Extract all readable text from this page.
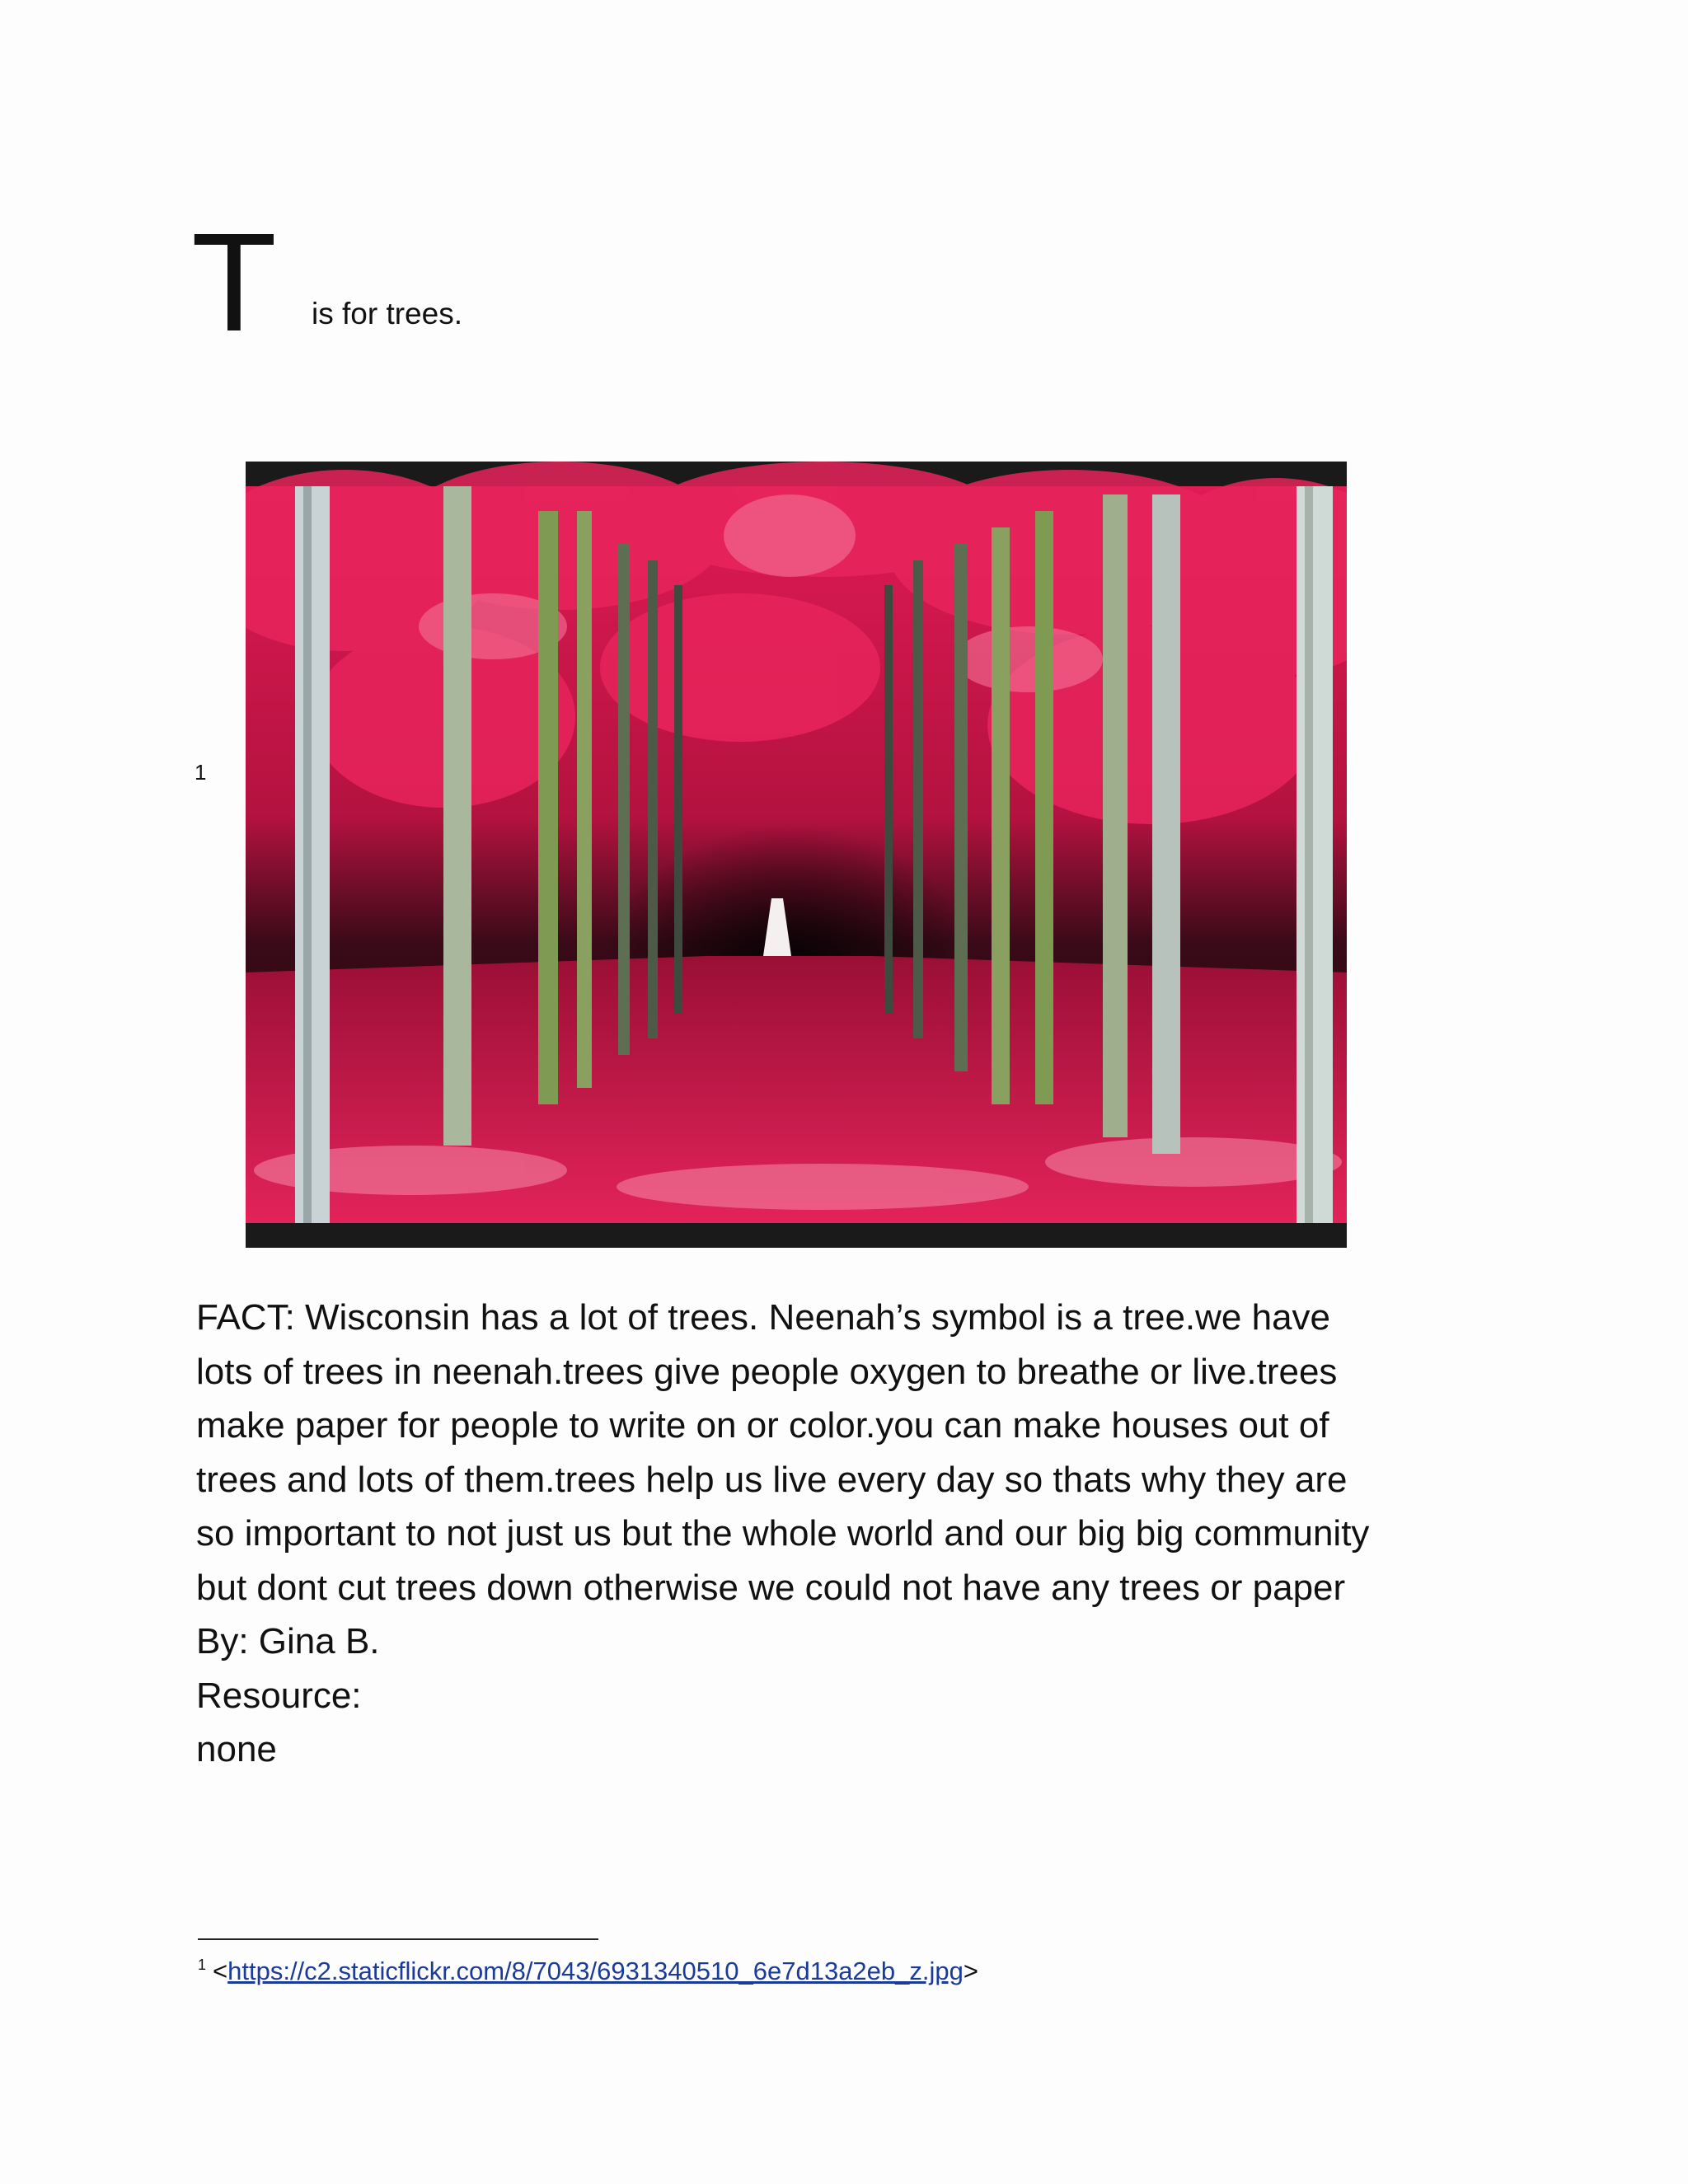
T is for trees.
1

FACT: Wisconsin has a lot of trees. Neenah’s symbol is a tree.we have

lots of trees in neenah.trees give people oxygen to breathe or live.trees

make paper for people to write on or color.you can make houses out of

trees and lots of them.trees help us live every day so thats why they are

so important to not just us but the whole world and our big big community

but dont cut trees down otherwise we could not have any trees or paper

By: Gina B.

Resource:

none

$^1$ <https://c2.staticflickr.com/8/7043/6931340510_6e7d13a2eb_z.jpg>
